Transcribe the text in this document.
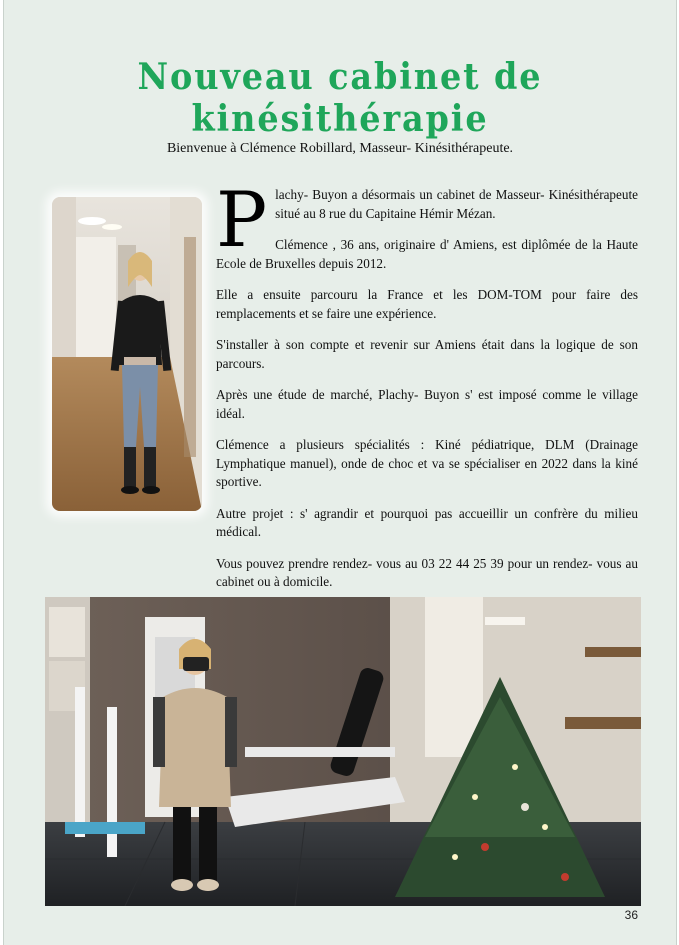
Nouveau cabinet de kinésithérapie
Bienvenue à Clémence Robillard, Masseur- Kinésithérapeute.

Plachy- Buyon a désormais un cabinet de Masseur- Kinésithérapeute situé au 8 rue du Capitaine Hémir Mézan.

Clémence , 36 ans, originaire d' Amiens, est diplômée de la Haute Ecole de Bruxelles depuis 2012.

Elle a ensuite parcouru la France et les DOM-TOM pour faire des remplacements et se faire une expérience.

S'installer à son compte et revenir sur Amiens était dans la logique de son parcours.

Après une étude de marché, Plachy- Buyon s' est imposé comme le village idéal.

Clémence a plusieurs spécialités : Kiné pédiatrique, DLM (Drainage Lymphatique manuel), onde de choc et va se spécialiser en 2022 dans la kiné sportive.

Autre projet : s' agrandir et pourquoi pas accueillir un confrère du milieu médical.

Vous pouvez prendre rendez- vous au 03 22 44 25 39 pour un rendez- vous au cabinet ou à domicile.

36
